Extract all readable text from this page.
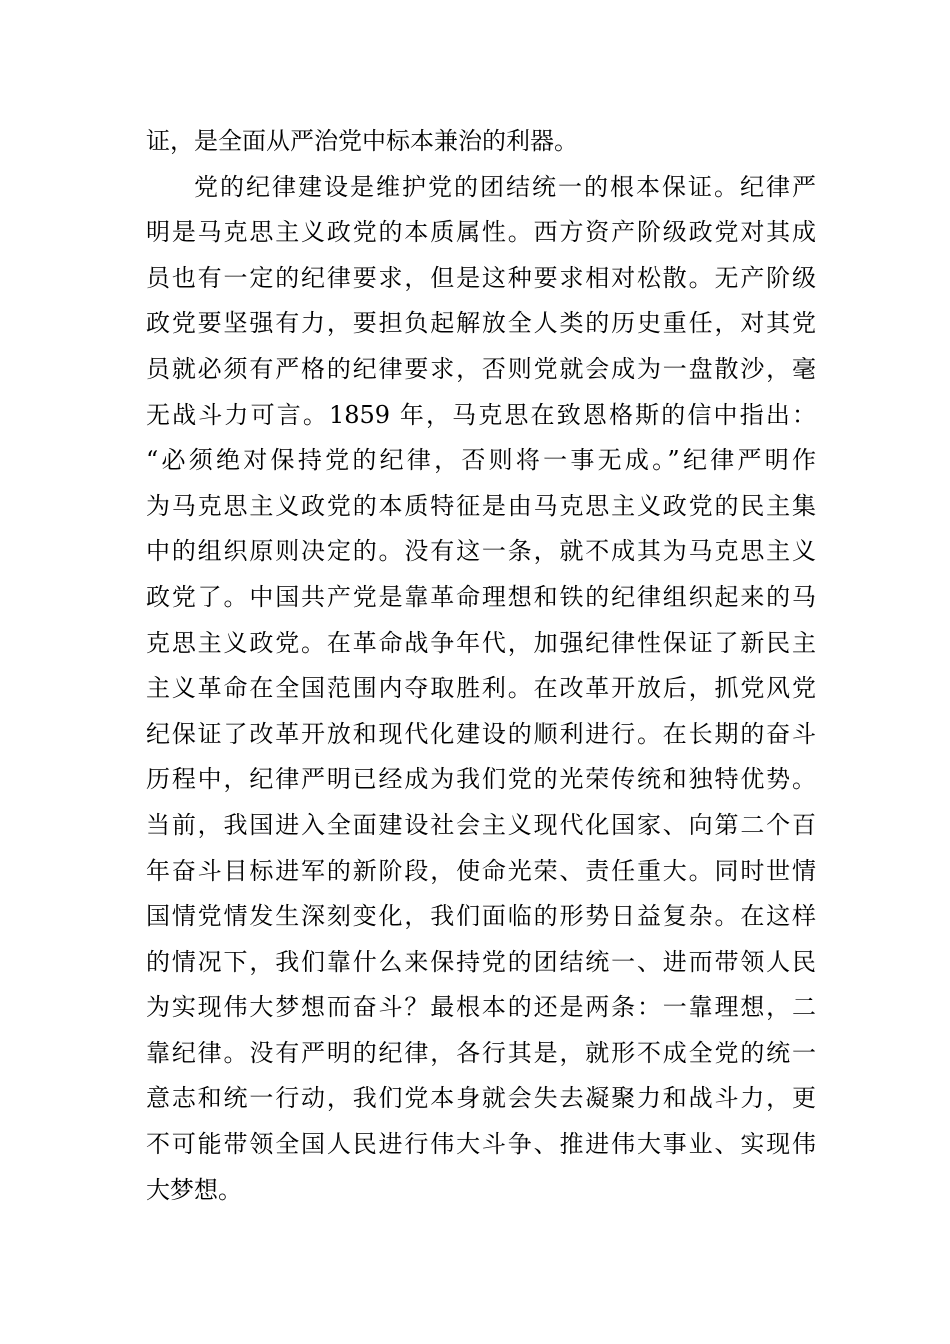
证，是全面从严治党中标本兼治的利器。
党的纪律建设是维护党的团结统一的根本保证。纪律严
明是马克思主义政党的本质属性。西方资产阶级政党对其成
员也有一定的纪律要求，但是这种要求相对松散。无产阶级
政党要坚强有力，要担负起解放全人类的历史重任，对其党
员就必须有严格的纪律要求，否则党就会成为一盘散沙，毫
无战斗力可言。1859 年，马克思在致恩格斯的信中指出：
“必须绝对保持党的纪律，否则将一事无成。”纪律严明作
为马克思主义政党的本质特征是由马克思主义政党的民主集
中的组织原则决定的。没有这一条，就不成其为马克思主义
政党了。中国共产党是靠革命理想和铁的纪律组织起来的马
克思主义政党。在革命战争年代，加强纪律性保证了新民主
主义革命在全国范围内夺取胜利。在改革开放后，抓党风党
纪保证了改革开放和现代化建设的顺利进行。在长期的奋斗
历程中，纪律严明已经成为我们党的光荣传统和独特优势。
当前，我国进入全面建设社会主义现代化国家、向第二个百
年奋斗目标进军的新阶段，使命光荣、责任重大。同时世情
国情党情发生深刻变化，我们面临的形势日益复杂。在这样
的情况下，我们靠什么来保持党的团结统一、进而带领人民
为实现伟大梦想而奋斗？最根本的还是两条：一靠理想，二
靠纪律。没有严明的纪律，各行其是，就形不成全党的统一
意志和统一行动，我们党本身就会失去凝聚力和战斗力，更
不可能带领全国人民进行伟大斗争、推进伟大事业、实现伟
大梦想。
